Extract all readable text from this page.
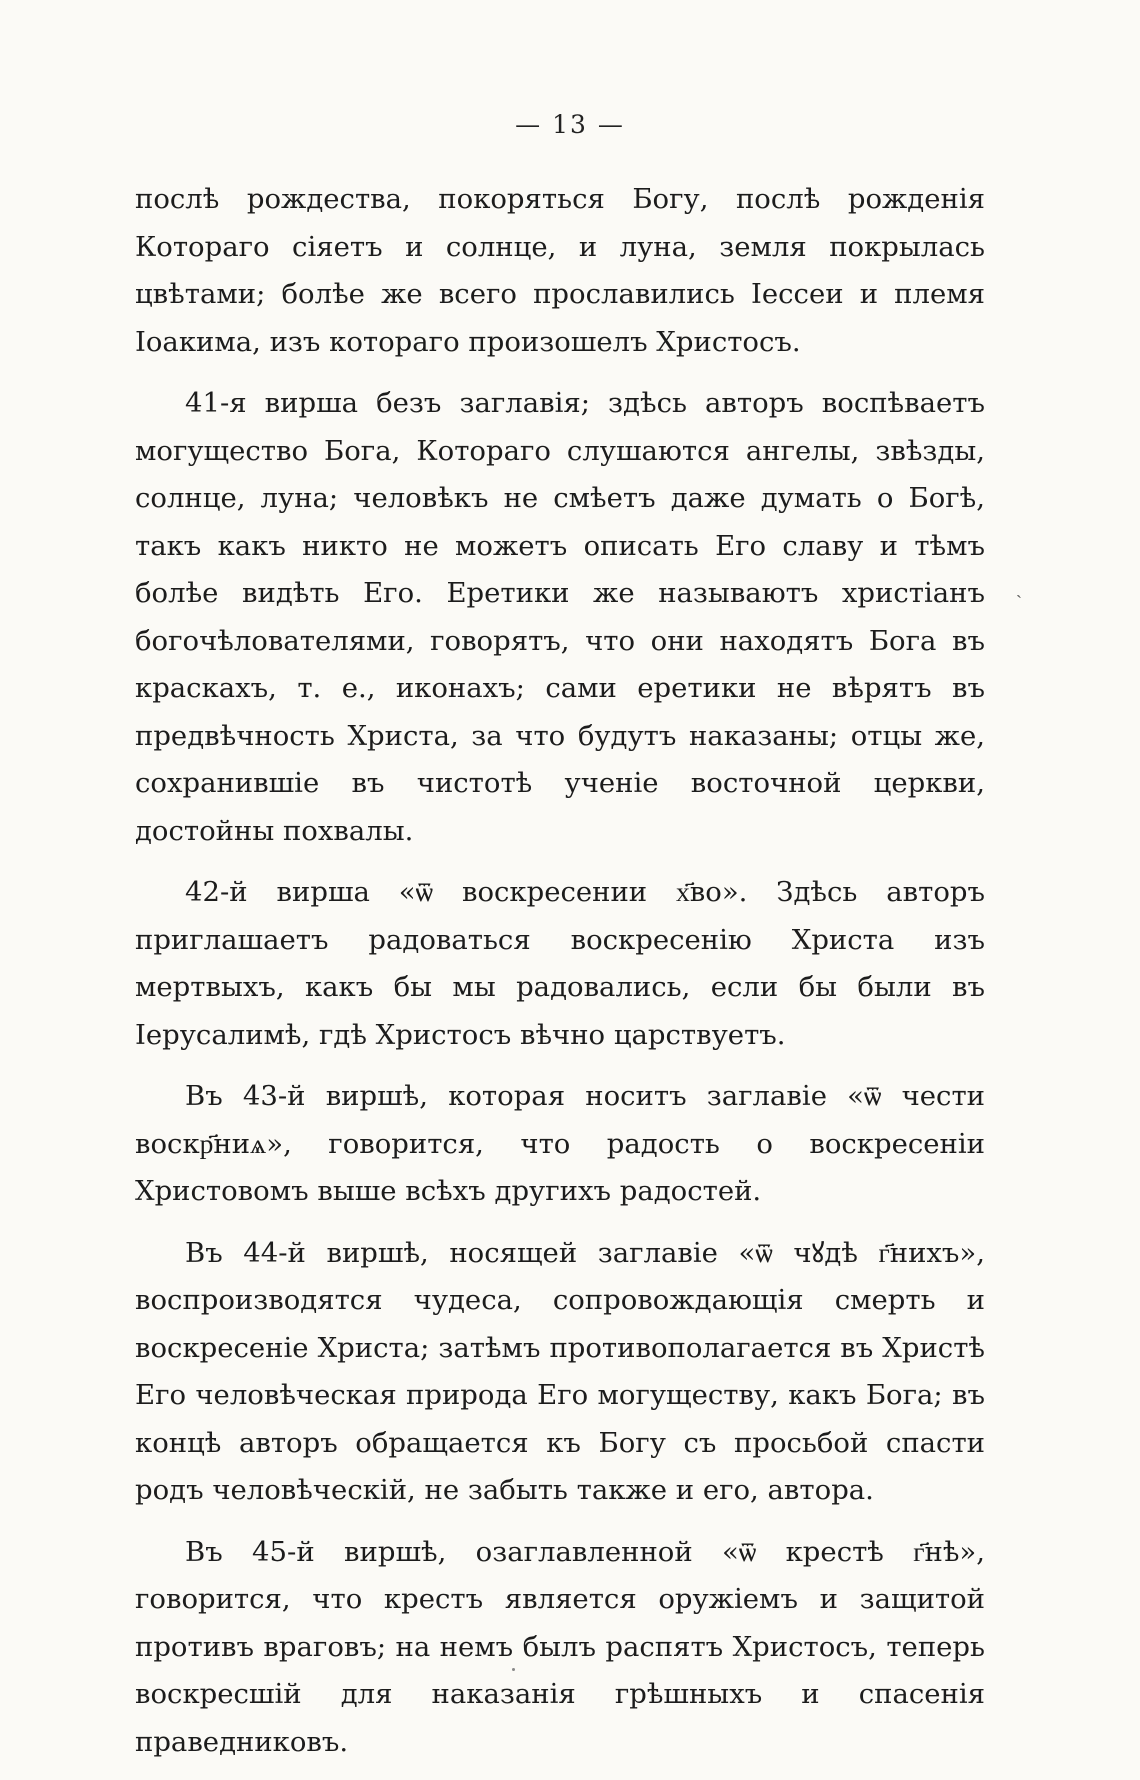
— 13 —

послѣ рождества, покоряться Богу, послѣ рожденія Котораго сіяетъ и солнце, и луна, земля покрылась цвѣтами; болѣе же всего прославились Іессеи и племя Іоакима, изъ котораго произошелъ Христосъ.

41-я вирша безъ заглавія; здѣсь авторъ воспѣваетъ могущество Бога, Котораго слушаются ангелы, звѣзды, солнце, луна; человѣкъ не смѣетъ даже думать о Богѣ, такъ какъ никто не можетъ описать Его славу и тѣмъ болѣе видѣть Его. Еретики же называютъ христіанъ богочѣлователями, говорятъ, что они находятъ Бога въ краскахъ, т. е., иконахъ; сами еретики не вѣрятъ въ предвѣчность Христа, за что будутъ наказаны; отцы же, сохранившіе въ чистотѣ ученіе восточной церкви, достойны похвалы.

42-й вирша «ѿ воскресении х҃во». Здѣсь авторъ приглашаетъ радоваться воскресенію Христа изъ мертвыхъ, какъ бы мы радовались, если бы были въ Іерусалимѣ, гдѣ Христосъ вѣчно царствуетъ.

Въ 43-й виршѣ, которая носитъ заглавіе «ѿ чести воскр҃ниѧ», говорится, что радость о воскресеніи Христовомъ выше всѣхъ другихъ радостей.

Въ 44-й виршѣ, носящей заглавіе «ѿ чꙋдѣ г҃нихъ», воспроизводятся чудеса, сопровождающія смерть и воскресеніе Христа; затѣмъ противополагается въ Христѣ Его человѣческая природа Его могуществу, какъ Бога; въ концѣ авторъ обращается къ Богу съ просьбой спасти родъ человѣческій, не забыть также и его, автора.

Въ 45-й виршѣ, озаглавленной «ѿ крестѣ г҃нѣ», говорится, что крестъ является оружіемъ и защитой противъ враговъ; на немъ былъ распятъ Христосъ, теперь воскресшій для наказанія грѣшныхъ и спасенія праведниковъ.

ˎ
